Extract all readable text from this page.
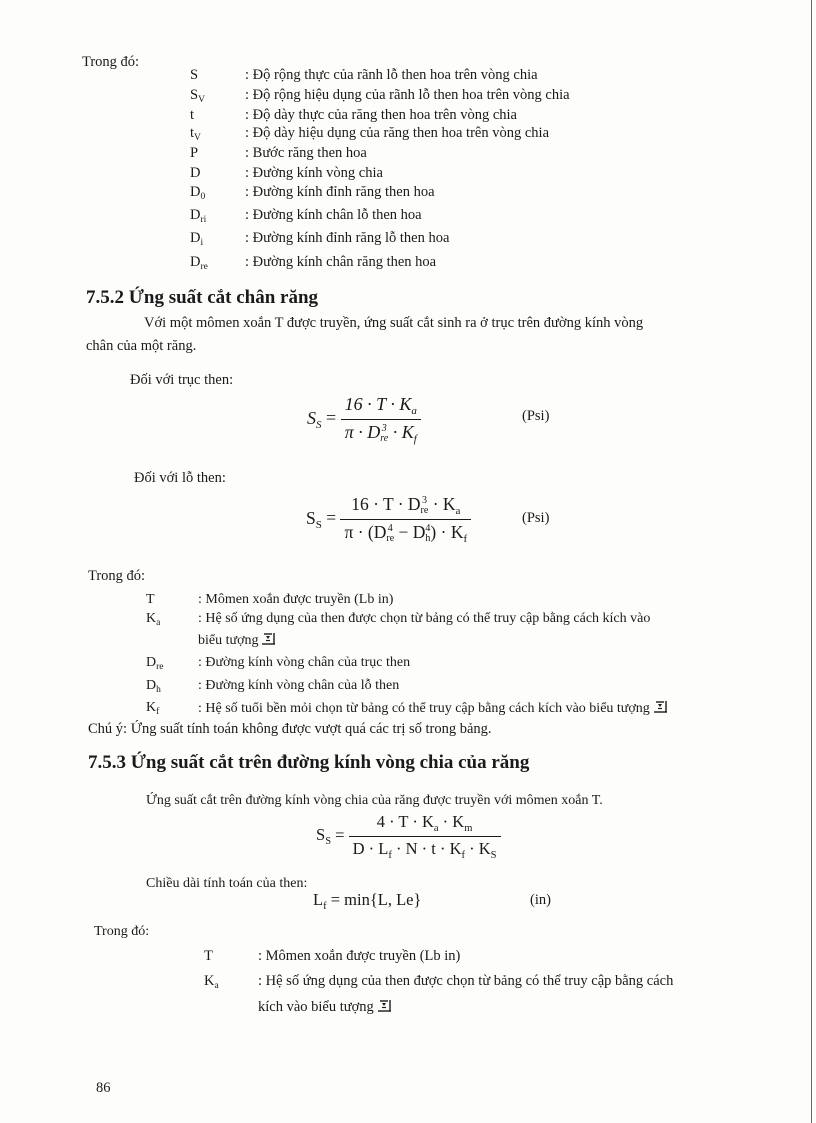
Trong đó:
S	: Độ rộng thực của rãnh lỗ then hoa trên vòng chia
$S_V$	: Độ rộng hiệu dụng của rãnh lỗ then hoa trên vòng chia
t	: Độ dày thực của răng then hoa trên vòng chia
$t_V$	: Độ dày hiệu dụng của răng then hoa trên vòng chia
P	: Bước răng then hoa
D	: Đường kính vòng chia
$D_0$	: Đường kính đỉnh răng then hoa
$D_{ri}$	: Đường kính chân lỗ then hoa
$D_i$	: Đường kính đỉnh răng lỗ then hoa
$D_{re}$	: Đường kính chân răng then hoa
7.5.2 Ứng suất cắt chân răng
Với một mômen xoắn T được truyền, ứng suất cắt sinh ra ở trục trên đường kính vòng
chân của một răng.
Đối với trục then:
$S_S = 16 \cdot T \cdot K_a$
π · D 3
re · $K_f$	(Psi)
Đối với lỗ then:
$S_S = 16 \cdot T \cdot D$ 3
re · $K_a$
π · (D 4
re − D 4
h ) · $K_f$	(Psi)
Trong đó:
T	: Mômen xoắn được truyền (Lb in)
$K_a$	: Hệ số ứng dụng của then được chọn từ bảng có thể truy cập bằng cách kích vào
biểu tượng
$D_{re}$ : Đường kính vòng chân của trục then
$D_h$	: Đường kính vòng chân của lỗ then
$K_f$	: Hệ số tuổi bền mỏi chọn từ bảng có thể truy cập bằng cách kích vào biểu tượng
Chú ý: Ứng suất tính toán không được vượt quá các trị số trong bảng.
7.5.3 Ứng suất cắt trên đường kính vòng chia của răng
Ứng suất cắt trên đường kính vòng chia của răng được truyền với mômen xoắn T.
$S_S = \frac{4 \cdot T \cdot K_a \cdot K_m}{D \cdot L_f \cdot N \cdot t \cdot K_f \cdot K_S}$
Chiều dài tính toán của then:
$L_f = \min\{L$, Le}	(in)
Trong đó:
T	: Mômen xoắn được truyền (Lb in)
$K_a$	: Hệ số ứng dụng của then được chọn từ bảng có thể truy cập bằng cách
kích vào biểu tượng
86
